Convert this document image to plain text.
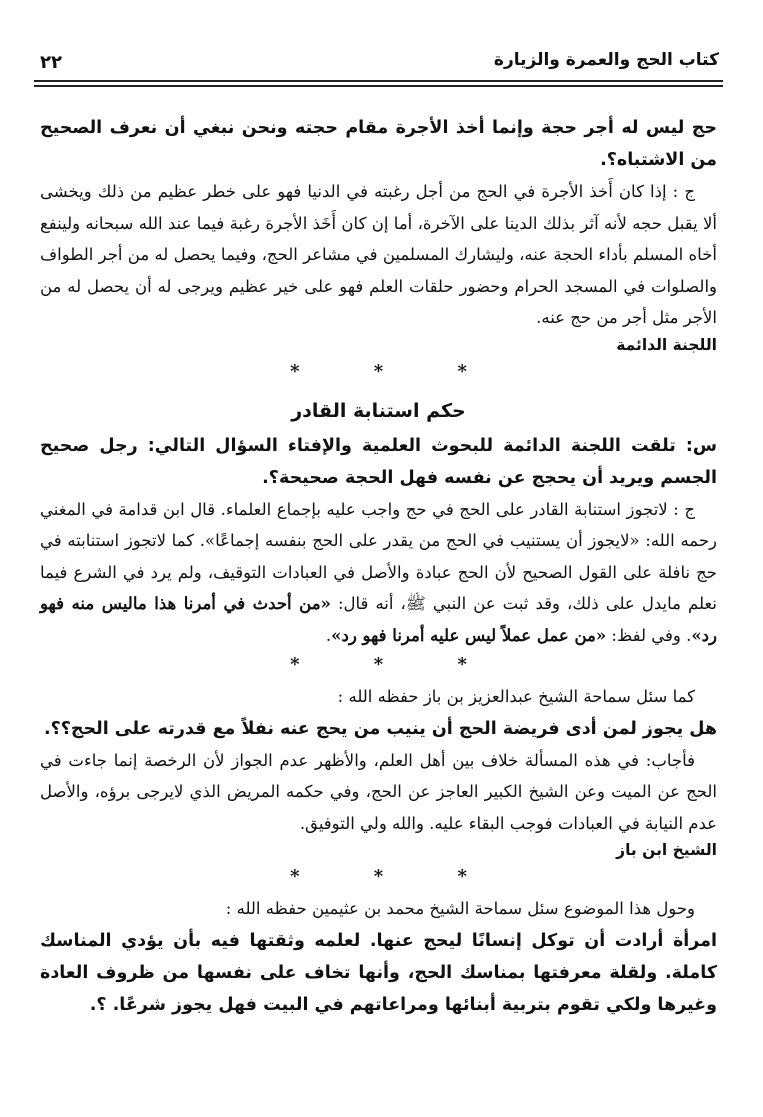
٢٢	كتاب الحج والعمرة والزيارة

حج ليس له أجر حجة وإنما أخذ الأجرة مقام حجته ونحن نبغي أن نعرف الصحيح من الاشتباه؟.

ج : إذا كان أَخذ الأجرة في الحج من أجل رغبته في الدنيا فهو على خطر عظيم من ذلك ويخشى ألا يقبل حجه لأنه آثر بذلك الدينا على الآخرة، أما إن كان أَخَذ الأجرة رغبة فيما عند الله سبحانه ولينفع أخاه المسلم بأداء الحجة عنه، وليشارك المسلمين في مشاعر الحج، وفيما يحصل له من أجر الطواف والصلوات في المسجد الحرام وحضور حلقات العلم فهو على خير عظيم ويرجى له أن يحصل له من الأجر مثل أجر من حج عنه.

اللجنة الدائمة
* * *
حكم استنابة القادر

س: تلقت اللجنة الدائمة للبحوث العلمية والإفتاء السؤال التالي: رجل صحيح الجسم ويريد أن يحجج عن نفسه فهل الحجة صحيحة؟.

ج : لاتجوز استنابة القادر على الحج في حج واجب عليه بإجماع العلماء. قال ابن قدامة في المغني رحمه الله: «لايجوز أن يستنيب في الحج من يقدر على الحج بنفسه إجماعًا». كما لاتجوز استنابته في حج نافلة على القول الصحيح لأن الحج عبادة والأصل في العبادات التوقيف، ولم يرد في الشرع فيما نعلم مايدل على ذلك، وقد ثبت عن النبي ﷺ، أنه قال: «من أحدث في أمرنا هذا ماليس منه فهو رد». وفي لفظ: «من عمل عملاً ليس عليه أمرنا فهو رد».

* * *

كما سئل سماحة الشيخ عبدالعزيز بن باز حفظه الله :

هل يجوز لمن أدى فريضة الحج أن ينيب من يحج عنه نفلاً مع قدرته على الحج؟؟.

فأجاب: في هذه المسألة خلاف بين أهل العلم، والأظهر عدم الجواز لأن الرخصة إنما جاءت في الحج عن الميت وعن الشيخ الكبير العاجز عن الحج، وفي حكمه المريض الذي لايرجى برؤه، والأصل عدم النيابة في العبادات فوجب البقاء عليه. والله ولي التوفيق.

الشيخ ابن باز
* * *

وحول هذا الموضوع سئل سماحة الشيخ محمد بن عثيمين حفظه الله :

امرأة أرادت أن توكل إنسانًا ليحج عنها. لعلمه وثقتها فيه بأن يؤدي المناسك كاملة. ولقلة معرفتها بمناسك الحج، وأنها تخاف على نفسها من ظروف العادة وغيرها ولكي تقوم بتربية أبنائها ومراعاتهم في البيت فهل يجوز شرعًا. ؟.
